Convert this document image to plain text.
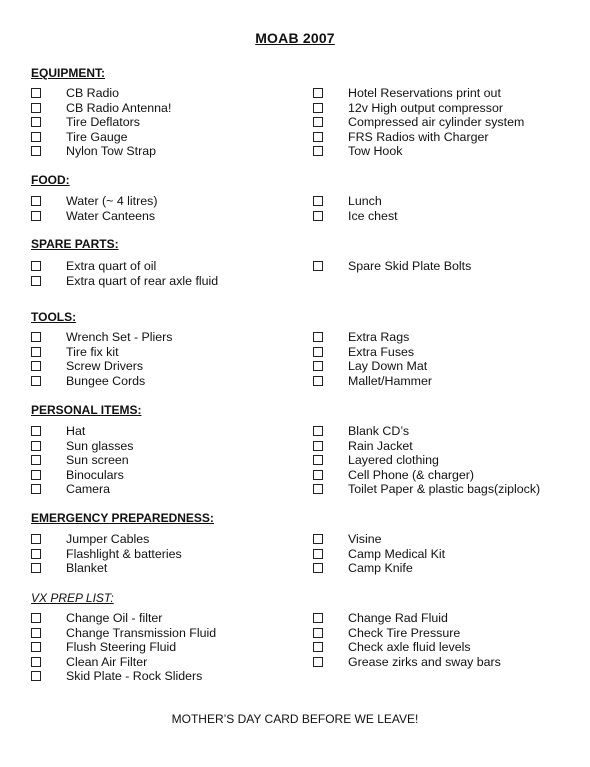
MOAB 2007
EQUIPMENT:
CB Radio
CB Radio Antenna!
Tire Deflators
Tire Gauge
Nylon Tow Strap
Hotel Reservations print out
12v High output compressor
Compressed air cylinder system
FRS Radios with Charger
Tow Hook
FOOD:
Water (~ 4 litres)
Water Canteens
Lunch
Ice chest
SPARE PARTS:
Extra quart of oil
Extra quart of rear axle fluid
Spare Skid Plate Bolts
TOOLS:
Wrench Set - Pliers
Tire fix kit
Screw Drivers
Bungee Cords
Extra Rags
Extra Fuses
Lay Down Mat
Mallet/Hammer
PERSONAL ITEMS:
Hat
Sun glasses
Sun screen
Binoculars
Camera
Blank CD’s
Rain Jacket
Layered clothing
Cell Phone (& charger)
Toilet Paper & plastic bags(ziplock)
EMERGENCY PREPAREDNESS:
Jumper Cables
Flashlight & batteries
Blanket
Visine
Camp Medical Kit
Camp Knife
VX PREP LIST:
Change Oil - filter
Change Transmission Fluid
Flush Steering Fluid
Clean Air Filter
Skid Plate - Rock Sliders
Change Rad Fluid
Check Tire Pressure
Check axle fluid levels
Grease zirks and sway bars
MOTHER’S DAY CARD BEFORE WE LEAVE!
